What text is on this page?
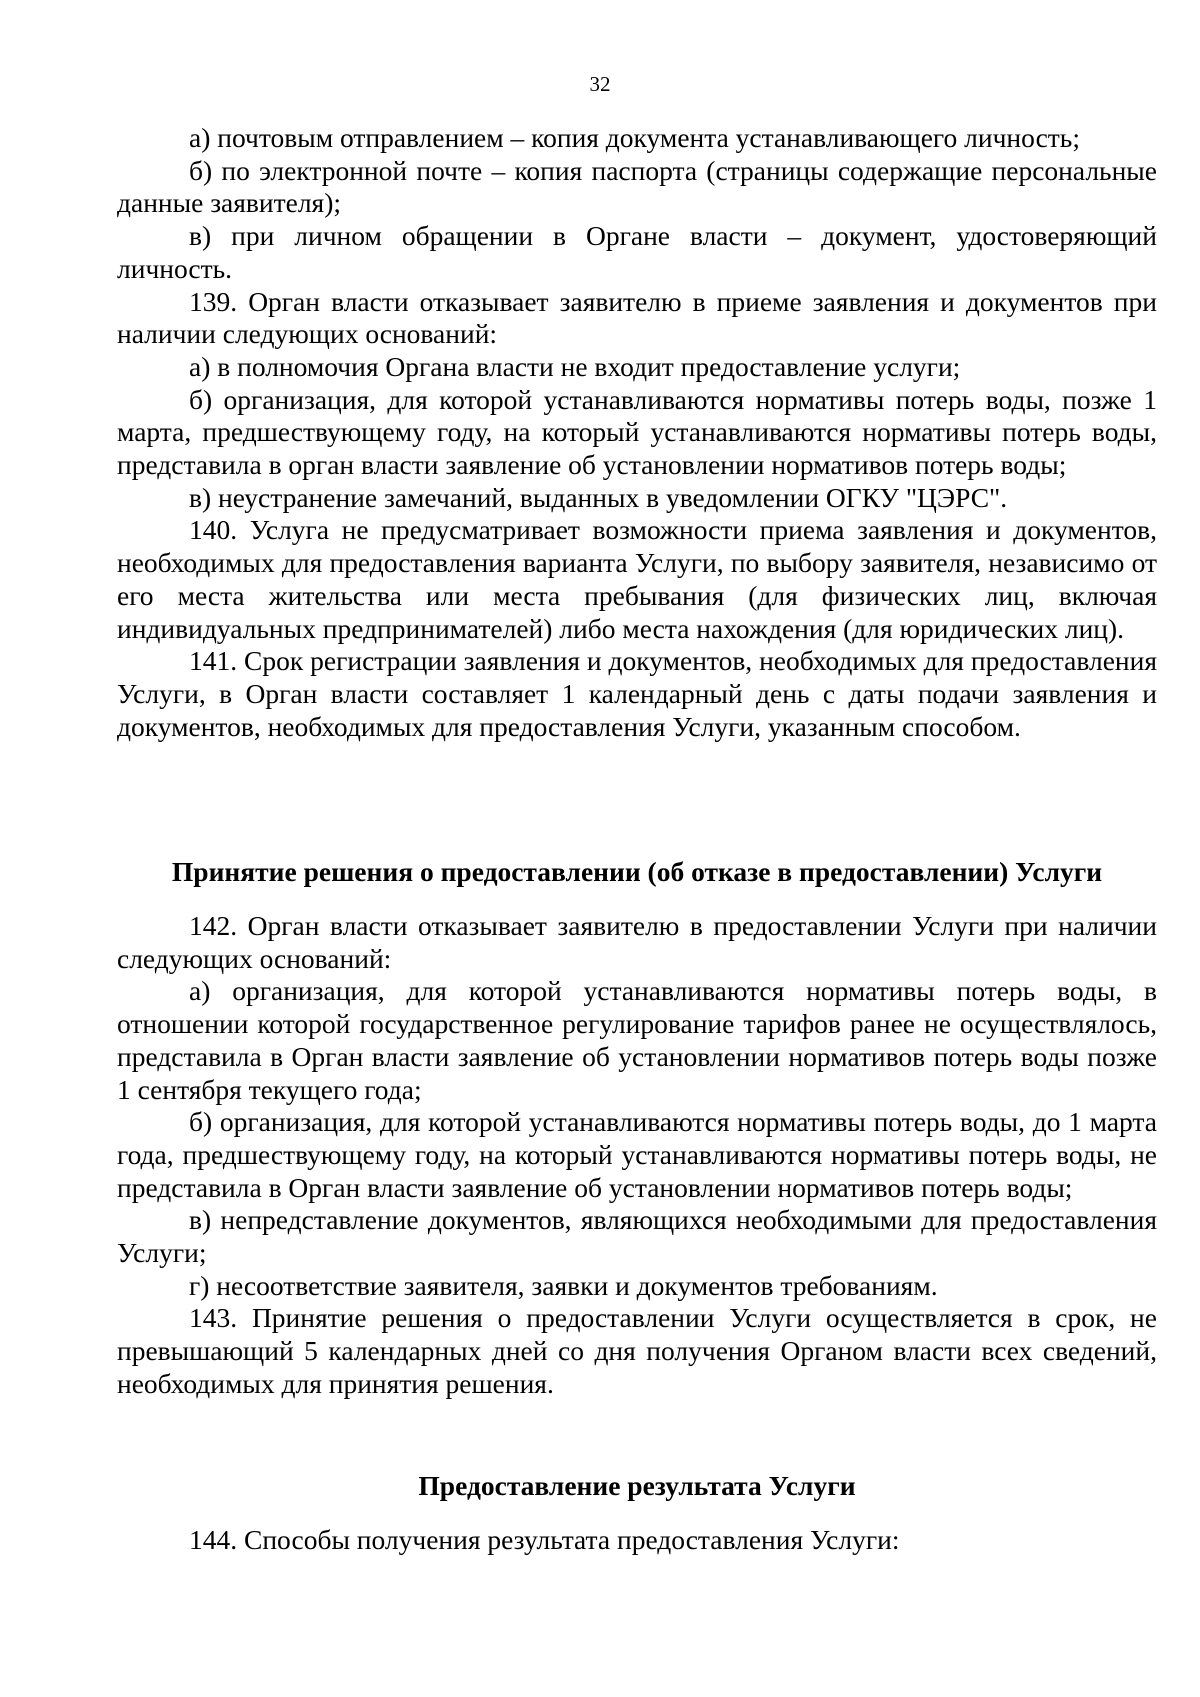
32

а) почтовым отправлением – копия документа устанавливающего личность;

б) по электронной почте – копия паспорта (страницы содержащие персональные данные заявителя);

в) при личном обращении в Органе власти – документ, удостоверяющий личность.

139. Орган власти отказывает заявителю в приеме заявления и документов при наличии следующих оснований:

а) в полномочия Органа власти не входит предоставление услуги;

б) организация, для которой устанавливаются нормативы потерь воды, позже 1 марта, предшествующему году, на который устанавливаются нормативы потерь воды, представила в орган власти заявление об установлении нормативов потерь воды;

в) неустранение замечаний, выданных в уведомлении ОГКУ "ЦЭРС".

140. Услуга не предусматривает возможности приема заявления и документов, необходимых для предоставления варианта Услуги, по выбору заявителя, независимо от его места жительства или места пребывания (для физических лиц, включая индивидуальных предпринимателей) либо места нахождения (для юридических лиц).

141. Срок регистрации заявления и документов, необходимых для предоставления Услуги, в Орган власти составляет 1 календарный день с даты подачи заявления и документов, необходимых для предоставления Услуги, указанным способом.

Принятие решения о предоставлении (об отказе в предоставлении) Услуги

142. Орган власти отказывает заявителю в предоставлении Услуги при наличии следующих оснований:

а) организация, для которой устанавливаются нормативы потерь воды, в отношении которой государственное регулирование тарифов ранее не осуществлялось, представила в Орган власти заявление об установлении нормативов потерь воды позже 1 сентября текущего года;

б) организация, для которой устанавливаются нормативы потерь воды, до 1 марта года, предшествующему году, на который устанавливаются нормативы потерь воды, не представила в Орган власти заявление об установлении нормативов потерь воды;

в) непредставление документов, являющихся необходимыми для предоставления Услуги;

г) несоответствие заявителя, заявки и документов требованиям.

143. Принятие решения о предоставлении Услуги осуществляется в срок, не превышающий 5 календарных дней со дня получения Органом власти всех сведений, необходимых для принятия решения.

Предоставление результата Услуги

144. Способы получения результата предоставления Услуги:
